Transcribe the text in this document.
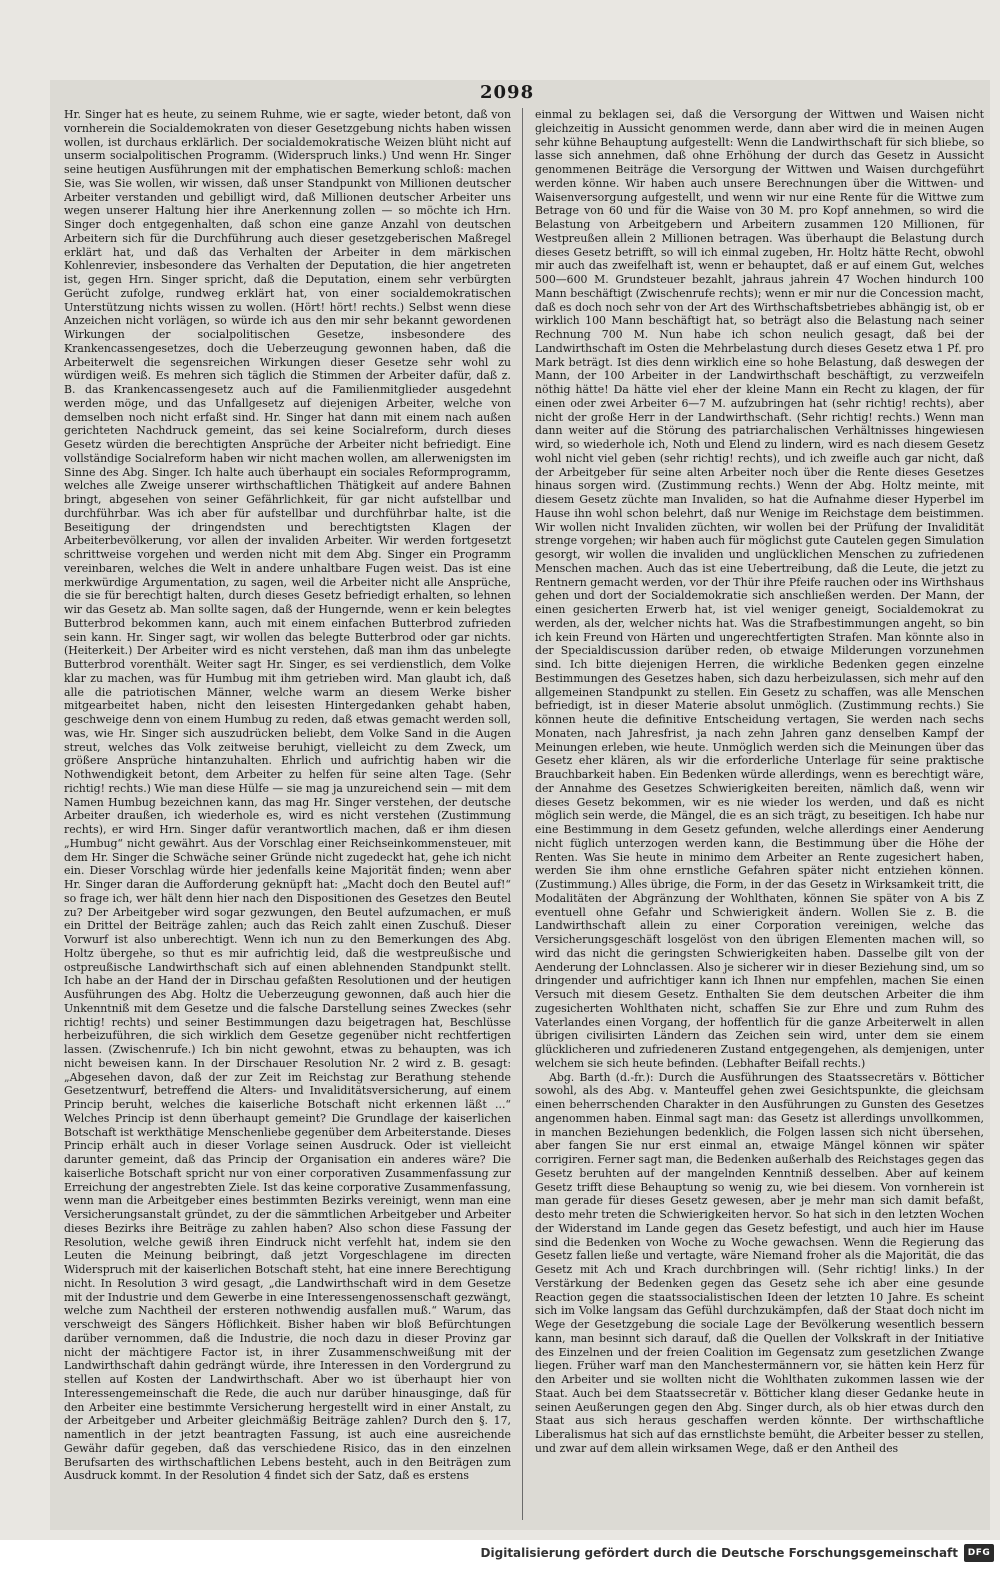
2098

Hr. Singer hat es heute, zu seinem Ruhme, wie er sagte, wieder betont, daß von vornherein die Socialdemokraten von dieser Gesetzgebung nichts haben wissen wollen, ist durchaus erklärlich. Der socialdemokratische Weizen blüht nicht auf unserm socialpolitischen Programm. (Widerspruch links.) Und wenn Hr. Singer seine heutigen Ausführungen mit der emphatischen Bemerkung schloß: machen Sie, was Sie wollen, wir wissen, daß unser Standpunkt von Millionen deutscher Arbeiter verstanden und gebilligt wird, daß Millionen deutscher Arbeiter uns wegen unserer Haltung hier ihre Anerkennung zollen — so möchte ich Hrn. Singer doch entgegenhalten, daß schon eine ganze Anzahl von deutschen Arbeitern sich für die Durchführung auch dieser gesetzgeberischen Maßregel erklärt hat, und daß das Verhalten der Arbeiter in dem märkischen Kohlenrevier, insbesondere das Verhalten der Deputation, die hier angetreten ist, gegen Hrn. Singer spricht, daß die Deputation, einem sehr verbürgten Gerücht zufolge, rundweg erklärt hat, von einer socialdemokratischen Unterstützung nichts wissen zu wollen. (Hört! hört! rechts.) Selbst wenn diese Anzeichen nicht vorlägen, so würde ich aus den mir sehr bekannt gewordenen Wirkungen der socialpolitischen Gesetze, insbesondere des Krankencassengesetzes, doch die Ueberzeugung gewonnen haben, daß die Arbeiterwelt die segensreichen Wirkungen dieser Gesetze sehr wohl zu würdigen weiß. Es mehren sich täglich die Stimmen der Arbeiter dafür, daß z. B. das Krankencassengesetz auch auf die Familienmitglieder ausgedehnt werden möge, und das Unfallgesetz auf diejenigen Arbeiter, welche von demselben noch nicht erfaßt sind. Hr. Singer hat dann mit einem nach außen gerichteten Nachdruck gemeint, das sei keine Socialreform, durch dieses Gesetz würden die berechtigten Ansprüche der Arbeiter nicht befriedigt. Eine vollständige Socialreform haben wir nicht machen wollen, am allerwenigsten im Sinne des Abg. Singer. Ich halte auch überhaupt ein sociales Reformprogramm, welches alle Zweige unserer wirthschaftlichen Thätigkeit auf andere Bahnen bringt, abgesehen von seiner Gefährlichkeit, für gar nicht aufstellbar und durchführbar. Was ich aber für aufstellbar und durchführbar halte, ist die Beseitigung der dringendsten und berechtigtsten Klagen der Arbeiterbevölkerung, vor allen der invaliden Arbeiter. Wir werden fortgesetzt schrittweise vorgehen und werden nicht mit dem Abg. Singer ein Programm vereinbaren, welches die Welt in andere unhaltbare Fugen weist. Das ist eine merkwürdige Argumentation, zu sagen, weil die Arbeiter nicht alle Ansprüche, die sie für berechtigt halten, durch dieses Gesetz befriedigt erhalten, so lehnen wir das Gesetz ab. Man sollte sagen, daß der Hungernde, wenn er kein belegtes Butterbrod bekommen kann, auch mit einem einfachen Butterbrod zufrieden sein kann. Hr. Singer sagt, wir wollen das belegte Butterbrod oder gar nichts. (Heiterkeit.) Der Arbeiter wird es nicht verstehen, daß man ihm das unbelegte Butterbrod vorenthält. Weiter sagt Hr. Singer, es sei verdienstlich, dem Volke klar zu machen, was für Humbug mit ihm getrieben wird. Man glaubt ich, daß alle die patriotischen Männer, welche warm an diesem Werke bisher mitgearbeitet haben, nicht den leisesten Hintergedanken gehabt haben, geschweige denn von einem Humbug zu reden, daß etwas gemacht werden soll, was, wie Hr. Singer sich auszudrücken beliebt, dem Volke Sand in die Augen streut, welches das Volk zeitweise beruhigt, vielleicht zu dem Zweck, um größere Ansprüche hintanzuhalten. Ehrlich und aufrichtig haben wir die Nothwendigkeit betont, dem Arbeiter zu helfen für seine alten Tage. (Sehr richtig! rechts.) Wie man diese Hülfe — sie mag ja unzureichend sein — mit dem Namen Humbug bezeichnen kann, das mag Hr. Singer verstehen, der deutsche Arbeiter draußen, ich wiederhole es, wird es nicht verstehen (Zustimmung rechts), er wird Hrn. Singer dafür verantwortlich machen, daß er ihm diesen „Humbug“ nicht gewährt. Aus der Vorschlag einer Reichseinkommensteuer, mit dem Hr. Singer die Schwäche seiner Gründe nicht zugedeckt hat, gehe ich nicht ein. Dieser Vorschlag würde hier jedenfalls keine Majorität finden; wenn aber Hr. Singer daran die Aufforderung geknüpft hat: „Macht doch den Beutel auf!“ so frage ich, wer hält denn hier nach den Dispositionen des Gesetzes den Beutel zu? Der Arbeitgeber wird sogar gezwungen, den Beutel aufzumachen, er muß ein Drittel der Beiträge zahlen; auch das Reich zahlt einen Zuschuß. Dieser Vorwurf ist also unberechtigt. Wenn ich nun zu den Bemerkungen des Abg. Holtz übergehe, so thut es mir aufrichtig leid, daß die westpreußische und ostpreußische Landwirthschaft sich auf einen ablehnenden Standpunkt stellt. Ich habe an der Hand der in Dirschau gefaßten Resolutionen und der heutigen Ausführungen des Abg. Holtz die Ueberzeugung gewonnen, daß auch hier die Unkenntniß mit dem Gesetze und die falsche Darstellung seines Zweckes (sehr richtig! rechts) und seiner Bestimmungen dazu beigetragen hat, Beschlüsse herbeizuführen, die sich wirklich dem Gesetze gegenüber nicht rechtfertigen lassen. (Zwischenrufe.) Ich bin nicht gewohnt, etwas zu behaupten, was ich nicht beweisen kann. In der Dirschauer Resolution Nr. 2 wird z. B. gesagt: „Abgesehen davon, daß der zur Zeit im Reichstag zur Berathung stehende Gesetzentwurf, betreffend die Alters- und Invaliditätsversicherung, auf einem Princip beruht, welches die kaiserliche Botschaft nicht erkennen läßt ...“ Welches Princip ist denn überhaupt gemeint? Die Grundlage der kaiserlichen Botschaft ist werkthätige Menschenliebe gegenüber dem Arbeiterstande. Dieses Princip erhält auch in dieser Vorlage seinen Ausdruck. Oder ist vielleicht darunter gemeint, daß das Princip der Organisation ein anderes wäre? Die kaiserliche Botschaft spricht nur von einer corporativen Zusammenfassung zur Erreichung der angestrebten Ziele. Ist das keine corporative Zusammenfassung, wenn man die Arbeitgeber eines bestimmten Bezirks vereinigt, wenn man eine Versicherungsanstalt gründet, zu der die sämmtlichen Arbeitgeber und Arbeiter dieses Bezirks ihre Beiträge zu zahlen haben? Also schon diese Fassung der Resolution, welche gewiß ihren Eindruck nicht verfehlt hat, indem sie den Leuten die Meinung beibringt, daß jetzt Vorgeschlagene im directen Widerspruch mit der kaiserlichen Botschaft steht, hat eine innere Berechtigung nicht. In Resolution 3 wird gesagt, „die Landwirthschaft wird in dem Gesetze mit der Industrie und dem Gewerbe in eine Interessengenossenschaft gezwängt, welche zum Nachtheil der ersteren nothwendig ausfallen muß.“ Warum, das verschweigt des Sängers Höflichkeit. Bisher haben wir bloß Befürchtungen darüber vernommen, daß die Industrie, die noch dazu in dieser Provinz gar nicht der mächtigere Factor ist, in ihrer Zusammenschweißung mit der Landwirthschaft dahin gedrängt würde, ihre Interessen in den Vordergrund zu stellen auf Kosten der Landwirthschaft. Aber wo ist überhaupt hier von Interessengemeinschaft die Rede, die auch nur darüber hinausginge, daß für den Arbeiter eine bestimmte Versicherung hergestellt wird in einer Anstalt, zu der Arbeitgeber und Arbeiter gleichmäßig Beiträge zahlen? Durch den §. 17, namentlich in der jetzt beantragten Fassung, ist auch eine ausreichende Gewähr dafür gegeben, daß das verschiedene Risico, das in den einzelnen Berufsarten des wirthschaftlichen Lebens besteht, auch in den Beiträgen zum Ausdruck kommt. In der Resolution 4 findet sich der Satz, daß es erstens

einmal zu beklagen sei, daß die Versorgung der Wittwen und Waisen nicht gleichzeitig in Aussicht genommen werde, dann aber wird die in meinen Augen sehr kühne Behauptung aufgestellt: Wenn die Landwirthschaft für sich bliebe, so lasse sich annehmen, daß ohne Erhöhung der durch das Gesetz in Aussicht genommenen Beiträge die Versorgung der Wittwen und Waisen durchgeführt werden könne. Wir haben auch unsere Berechnungen über die Wittwen- und Waisenversorgung aufgestellt, und wenn wir nur eine Rente für die Wittwe zum Betrage von 60 und für die Waise von 30 M. pro Kopf annehmen, so wird die Belastung von Arbeitgebern und Arbeitern zusammen 120 Millionen, für Westpreußen allein 2 Millionen betragen. Was überhaupt die Belastung durch dieses Gesetz betrifft, so will ich einmal zugeben, Hr. Holtz hätte Recht, obwohl mir auch das zweifelhaft ist, wenn er behauptet, daß er auf einem Gut, welches 500—600 M. Grundsteuer bezahlt, jahraus jahrein 47 Wochen hindurch 100 Mann beschäftigt (Zwischenrufe rechts); wenn er mir nur die Concession macht, daß es doch noch sehr von der Art des Wirthschaftsbetriebes abhängig ist, ob er wirklich 100 Mann beschäftigt hat, so beträgt also die Belastung nach seiner Rechnung 700 M. Nun habe ich schon neulich gesagt, daß bei der Landwirthschaft im Osten die Mehrbelastung durch dieses Gesetz etwa 1 Pf. pro Mark beträgt. Ist dies denn wirklich eine so hohe Belastung, daß deswegen der Mann, der 100 Arbeiter in der Landwirthschaft beschäftigt, zu verzweifeln nöthig hätte! Da hätte viel eher der kleine Mann ein Recht zu klagen, der für einen oder zwei Arbeiter 6—7 M. aufzubringen hat (sehr richtig! rechts), aber nicht der große Herr in der Landwirthschaft. (Sehr richtig! rechts.) Wenn man dann weiter auf die Störung des patriarchalischen Verhältnisses hingewiesen wird, so wiederhole ich, Noth und Elend zu lindern, wird es nach diesem Gesetz wohl nicht viel geben (sehr richtig! rechts), und ich zweifle auch gar nicht, daß der Arbeitgeber für seine alten Arbeiter noch über die Rente dieses Gesetzes hinaus sorgen wird. (Zustimmung rechts.) Wenn der Abg. Holtz meinte, mit diesem Gesetz züchte man Invaliden, so hat die Aufnahme dieser Hyperbel im Hause ihn wohl schon belehrt, daß nur Wenige im Reichstage dem beistimmen. Wir wollen nicht Invaliden züchten, wir wollen bei der Prüfung der Invalidität strenge vorgehen; wir haben auch für möglichst gute Cautelen gegen Simulation gesorgt, wir wollen die invaliden und unglücklichen Menschen zu zufriedenen Menschen machen. Auch das ist eine Uebertreibung, daß die Leute, die jetzt zu Rentnern gemacht werden, vor der Thür ihre Pfeife rauchen oder ins Wirthshaus gehen und dort der Socialdemokratie sich anschließen werden. Der Mann, der einen gesicherten Erwerb hat, ist viel weniger geneigt, Socialdemokrat zu werden, als der, welcher nichts hat. Was die Strafbestimmungen angeht, so bin ich kein Freund von Härten und ungerechtfertigten Strafen. Man könnte also in der Specialdiscussion darüber reden, ob etwaige Milderungen vorzunehmen sind. Ich bitte diejenigen Herren, die wirkliche Bedenken gegen einzelne Bestimmungen des Gesetzes haben, sich dazu herbeizulassen, sich mehr auf den allgemeinen Standpunkt zu stellen. Ein Gesetz zu schaffen, was alle Menschen befriedigt, ist in dieser Materie absolut unmöglich. (Zustimmung rechts.) Sie können heute die definitive Entscheidung vertagen, Sie werden nach sechs Monaten, nach Jahresfrist, ja nach zehn Jahren ganz denselben Kampf der Meinungen erleben, wie heute. Unmöglich werden sich die Meinungen über das Gesetz eher klären, als wir die erforderliche Unterlage für seine praktische Brauchbarkeit haben. Ein Bedenken würde allerdings, wenn es berechtigt wäre, der Annahme des Gesetzes Schwierigkeiten bereiten, nämlich daß, wenn wir dieses Gesetz bekommen, wir es nie wieder los werden, und daß es nicht möglich sein werde, die Mängel, die es an sich trägt, zu beseitigen. Ich habe nur eine Bestimmung in dem Gesetz gefunden, welche allerdings einer Aenderung nicht füglich unterzogen werden kann, die Bestimmung über die Höhe der Renten. Was Sie heute in minimo dem Arbeiter an Rente zugesichert haben, werden Sie ihm ohne ernstliche Gefahren später nicht entziehen können. (Zustimmung.) Alles übrige, die Form, in der das Gesetz in Wirksamkeit tritt, die Modalitäten der Abgränzung der Wohlthaten, können Sie später von A bis Z eventuell ohne Gefahr und Schwierigkeit ändern. Wollen Sie z. B. die Landwirthschaft allein zu einer Corporation vereinigen, welche das Versicherungsgeschäft losgelöst von den übrigen Elementen machen will, so wird das nicht die geringsten Schwierigkeiten haben. Dasselbe gilt von der Aenderung der Lohnclassen. Also je sicherer wir in dieser Beziehung sind, um so dringender und aufrichtiger kann ich Ihnen nur empfehlen, machen Sie einen Versuch mit diesem Gesetz. Enthalten Sie dem deutschen Arbeiter die ihm zugesicherten Wohlthaten nicht, schaffen Sie zur Ehre und zum Ruhm des Vaterlandes einen Vorgang, der hoffentlich für die ganze Arbeiterwelt in allen übrigen civilisirten Ländern das Zeichen sein wird, unter dem sie einem glücklicheren und zufriedeneren Zustand entgegengehen, als demjenigen, unter welchem sie sich heute befinden. (Lebhafter Beifall rechts.)

Abg. Barth (d.-fr.): Durch die Ausführungen des Staatssecretärs v. Bötticher sowohl, als des Abg. v. Manteuffel gehen zwei Gesichtspunkte, die gleichsam einen beherrschenden Charakter in den Ausführungen zu Gunsten des Gesetzes angenommen haben. Einmal sagt man: das Gesetz ist allerdings unvollkommen, in manchen Beziehungen bedenklich, die Folgen lassen sich nicht übersehen, aber fangen Sie nur erst einmal an, etwaige Mängel können wir später corrigiren. Ferner sagt man, die Bedenken außerhalb des Reichstages gegen das Gesetz beruhten auf der mangelnden Kenntniß desselben. Aber auf keinem Gesetz trifft diese Behauptung so wenig zu, wie bei diesem. Von vornherein ist man gerade für dieses Gesetz gewesen, aber je mehr man sich damit befaßt, desto mehr treten die Schwierigkeiten hervor. So hat sich in den letzten Wochen der Widerstand im Lande gegen das Gesetz befestigt, und auch hier im Hause sind die Bedenken von Woche zu Woche gewachsen. Wenn die Regierung das Gesetz fallen ließe und vertagte, wäre Niemand froher als die Majorität, die das Gesetz mit Ach und Krach durchbringen will. (Sehr richtig! links.) In der Verstärkung der Bedenken gegen das Gesetz sehe ich aber eine gesunde Reaction gegen die staatssocialistischen Ideen der letzten 10 Jahre. Es scheint sich im Volke langsam das Gefühl durchzukämpfen, daß der Staat doch nicht im Wege der Gesetzgebung die sociale Lage der Bevölkerung wesentlich bessern kann, man besinnt sich darauf, daß die Quellen der Volkskraft in der Initiative des Einzelnen und der freien Coalition im Gegensatz zum gesetzlichen Zwange liegen. Früher warf man den Manchestermännern vor, sie hätten kein Herz für den Arbeiter und sie wollten nicht die Wohlthaten zukommen lassen wie der Staat. Auch bei dem Staatssecretär v. Bötticher klang dieser Gedanke heute in seinen Aeußerungen gegen den Abg. Singer durch, als ob hier etwas durch den Staat aus sich heraus geschaffen werden könnte. Der wirthschaftliche Liberalismus hat sich auf das ernstlichste bemüht, die Arbeiter besser zu stellen, und zwar auf dem allein wirksamen Wege, daß er den Antheil des

Digitalisierung gefördert durch die Deutsche Forschungsgemeinschaft	DFG
